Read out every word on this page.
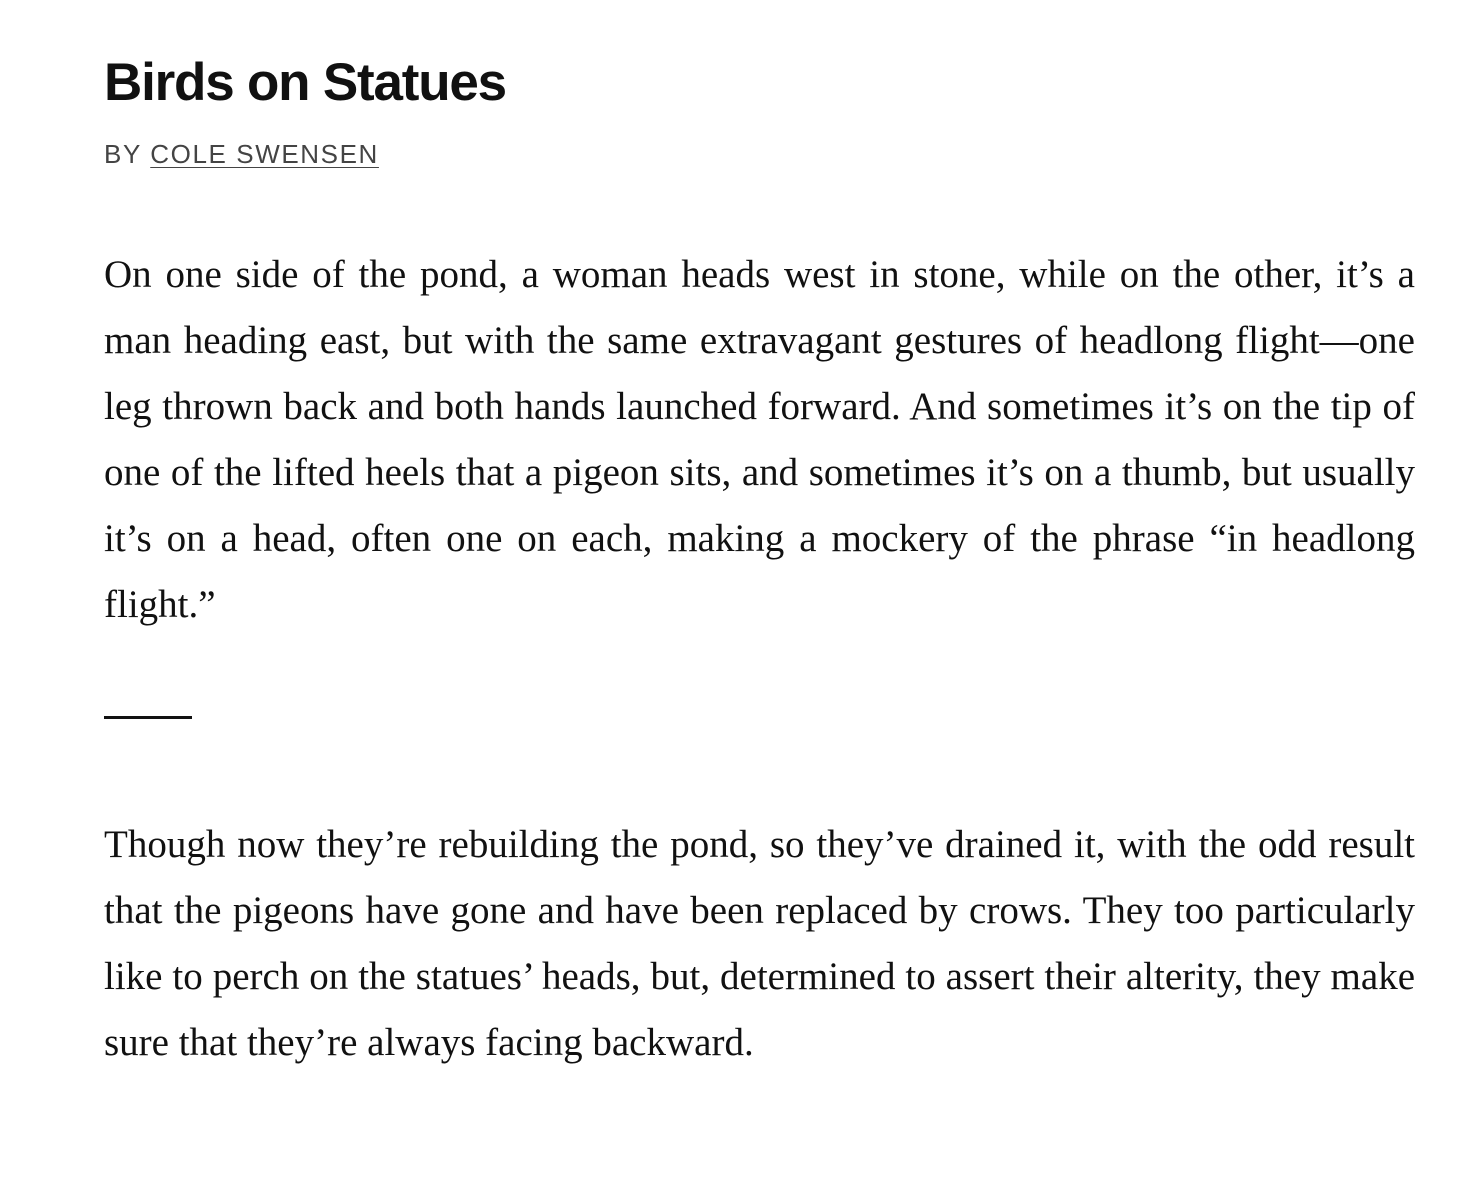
Birds on Statues
BY COLE SWENSEN

On one side of the pond, a woman heads west in stone, while on the other, it’s a man heading east, but with the same extravagant gestures of headlong flight—one leg thrown back and both hands launched forward. And sometimes it’s on the tip of one of the lifted heels that a pigeon sits, and sometimes it’s on a thumb, but usually it’s on a head, often one on each, making a mockery of the phrase “in headlong flight.”

Though now they’re rebuilding the pond, so they’ve drained it, with the odd result that the pigeons have gone and have been replaced by crows. They too particularly like to perch on the statues’ heads, but, determined to assert their alterity, they make sure that they’re always facing backward.
